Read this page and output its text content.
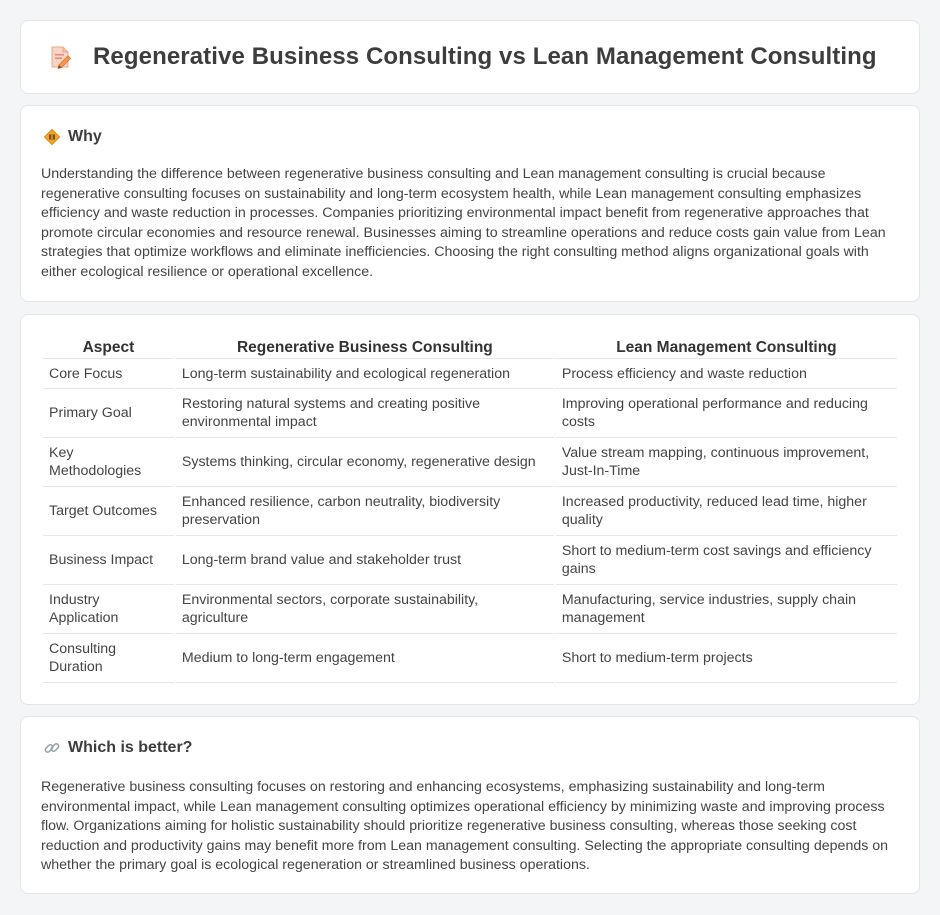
Regenerative Business Consulting vs Lean Management Consulting
Why

Understanding the difference between regenerative business consulting and Lean management consulting is crucial because regenerative consulting focuses on sustainability and long-term ecosystem health, while Lean management consulting emphasizes efficiency and waste reduction in processes. Companies prioritizing environmental impact benefit from regenerative approaches that promote circular economies and resource renewal. Businesses aiming to streamline operations and reduce costs gain value from Lean strategies that optimize workflows and eliminate inefficiencies. Choosing the right consulting method aligns organizational goals with either ecological resilience or operational excellence.

Aspect	Regenerative Business Consulting	Lean Management Consulting
Core Focus	Long-term sustainability and ecological regeneration	Process efficiency and waste reduction
Primary Goal	Restoring natural systems and creating positive environmental impact	Improving operational performance and reducing costs
Key Methodologies	Systems thinking, circular economy, regenerative design	Value stream mapping, continuous improvement, Just-In-Time
Target Outcomes	Enhanced resilience, carbon neutrality, biodiversity preservation	Increased productivity, reduced lead time, higher quality
Business Impact	Long-term brand value and stakeholder trust	Short to medium-term cost savings and efficiency gains
Industry Application	Environmental sectors, corporate sustainability, agriculture	Manufacturing, service industries, supply chain management
Consulting Duration	Medium to long-term engagement	Short to medium-term projects
Which is better?

Regenerative business consulting focuses on restoring and enhancing ecosystems, emphasizing sustainability and long-term environmental impact, while Lean management consulting optimizes operational efficiency by minimizing waste and improving process flow. Organizations aiming for holistic sustainability should prioritize regenerative business consulting, whereas those seeking cost reduction and productivity gains may benefit more from Lean management consulting. Selecting the appropriate consulting depends on whether the primary goal is ecological regeneration or streamlined business operations.
